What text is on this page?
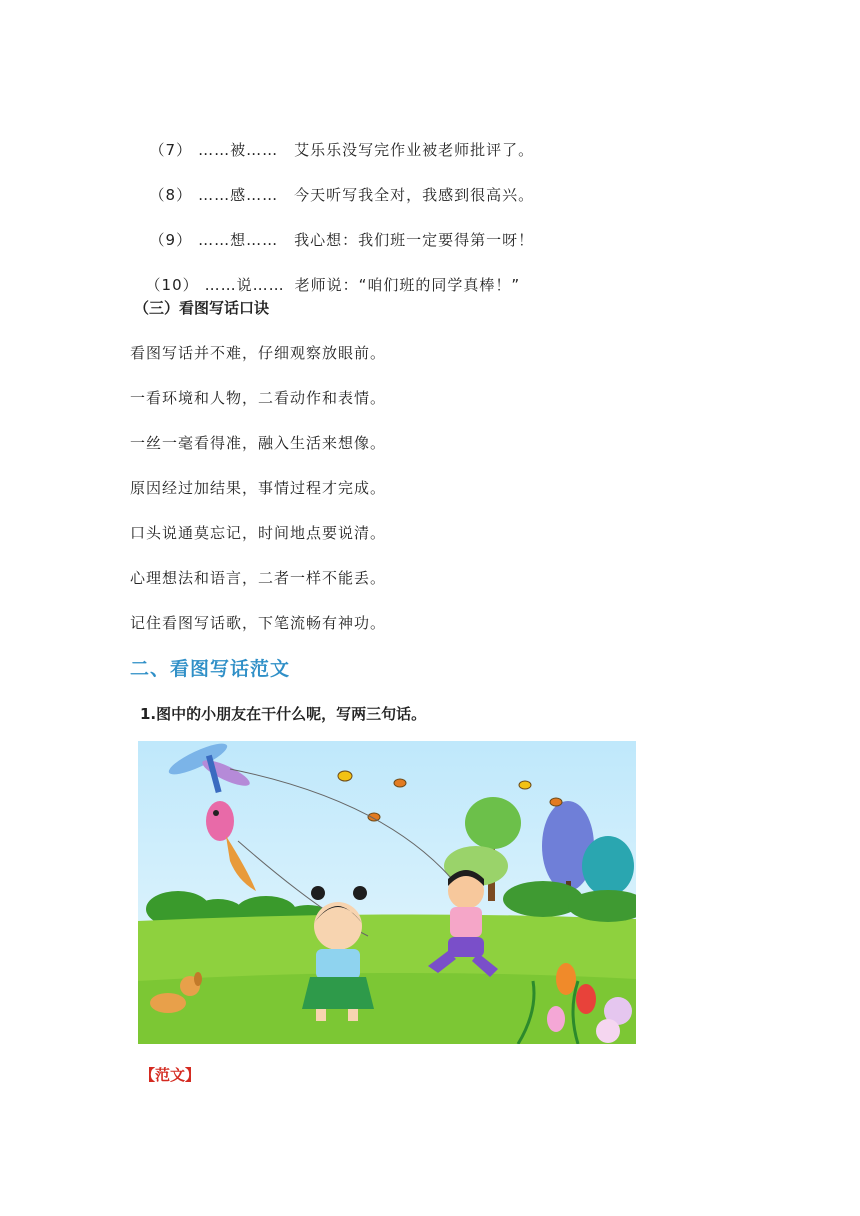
（7） ……被…… 艾乐乐没写完作业被老师批评了。

（8） ……感…… 今天听写我全对，我感到很高兴。

（9） ……想…… 我心想：我们班一定要得第一呀！

（10） ……说…… 老师说：“咱们班的同学真棒！”

（三）看图写话口诀
看图写话并不难，仔细观察放眼前。
一看环境和人物，二看动作和表情。
一丝一毫看得准，融入生活来想像。
原因经过加结果，事情过程才完成。
口头说通莫忘记，时间地点要说清。
心理想法和语言，二者一样不能丢。
记住看图写话歌，下笔流畅有神功。
二、看图写话范文
1.图中的小朋友在干什么呢，写两三句话。
【范文】
